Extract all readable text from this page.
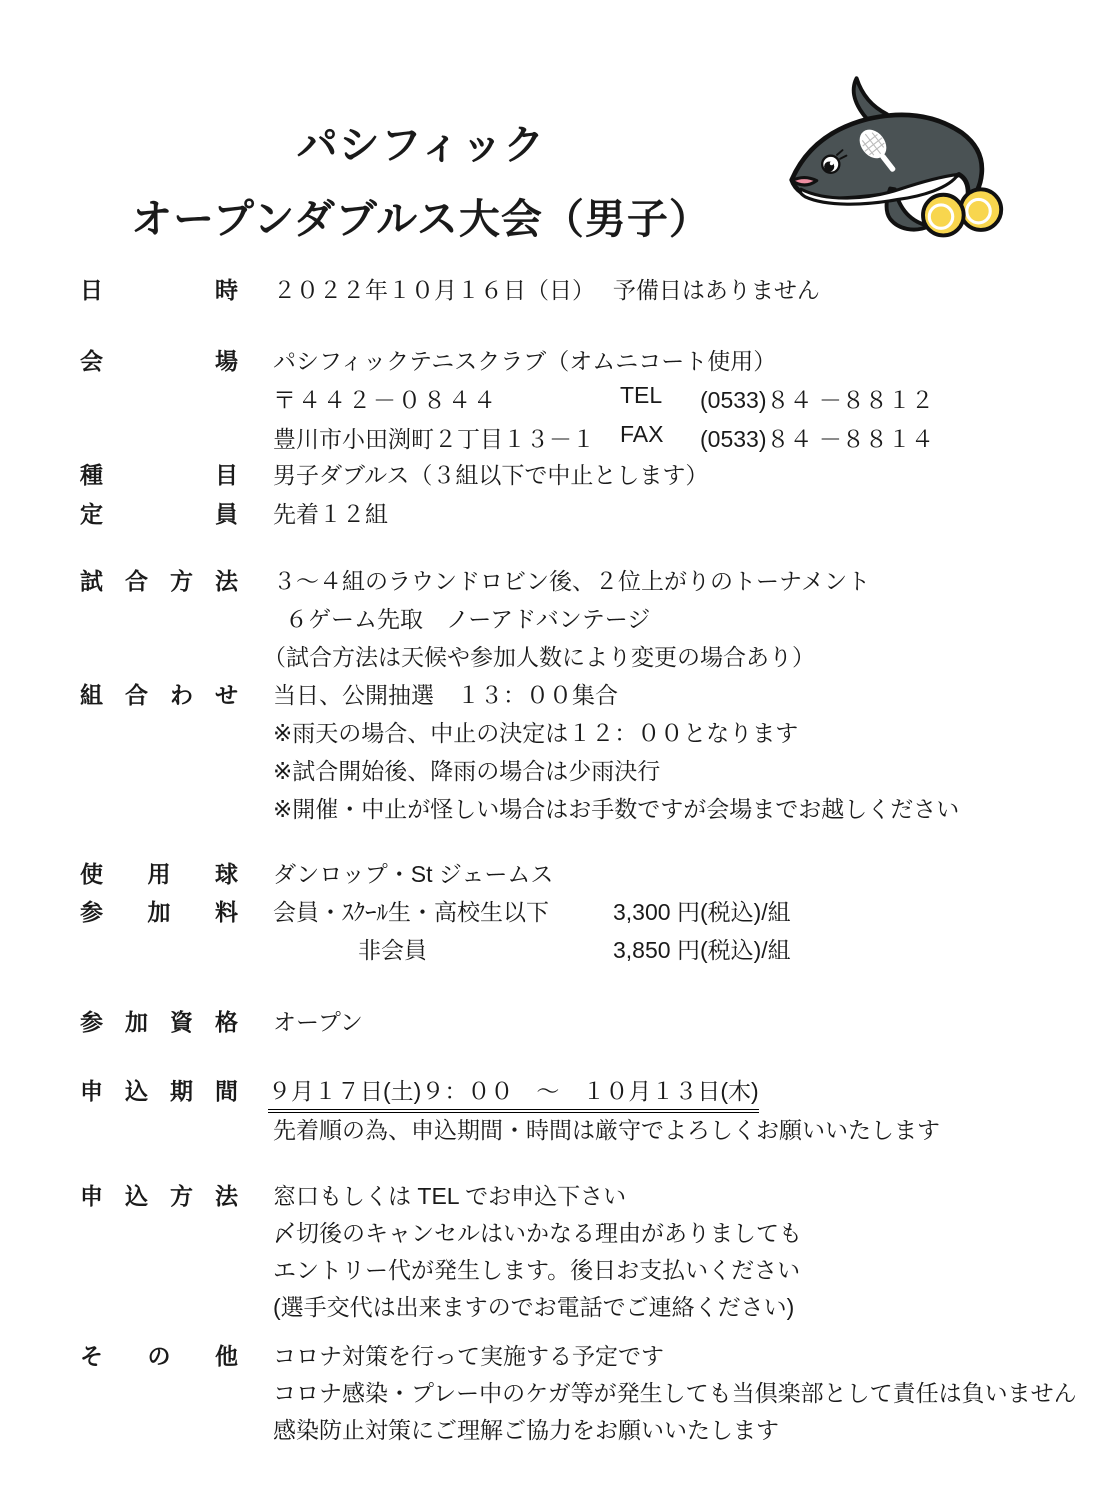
パシフィック
オープンダブルス大会（男子）
日	時 ２０２２年１０月１６日（日）　 予備日はありません
会	場 パシフィックテニスクラブ（オムニコート使用）
〒４４２－０８４４	TEL (0533)８４ －８８１２
豊川市小田渕町２丁目１３－１ FAX (0533)８４ －８８１４
種	目 男子ダブルス（３組以下で中止とします）
定	員 先着１２組
試 合 方 法 ３～４組のラウンドロビン後、２位上がりのトーナメント
６ゲーム先取　ノーアドバンテージ
（試合方法は天候や参加人数により変更の場合あり）
組 合 わ せ 当日、公開抽選　１３：００集合
※雨天の場合、中止の決定は１２：００となります
※試合開始後、降雨の場合は少雨決行
※開催・中止が怪しい場合はお手数ですが会場までお越しください
使 用 球 ダンロップ・St ジェームス
参 加 料 会員・ｽｸｰﾙ生・高校生以下	3,300 円(税込)/組
非会員	3,850 円(税込)/組
参 加 資 格 オープン
申 込 期 間 ９月１７日(土)９：００　～　１０月１３日(木)
先着順の為、申込期間・時間は厳守でよろしくお願いいたします
申 込 方 法 窓口もしくは TEL でお申込下さい
〆切後のキャンセルはいかなる理由がありましても
エントリー代が発生します。後日お支払いください
(選手交代は出来ますのでお電話でご連絡ください)
そ の 他 コロナ対策を行って実施する予定です
コロナ感染・プレー中のケガ等が発生しても当倶楽部として責任は負いません
感染防止対策にご理解ご協力をお願いいたします
